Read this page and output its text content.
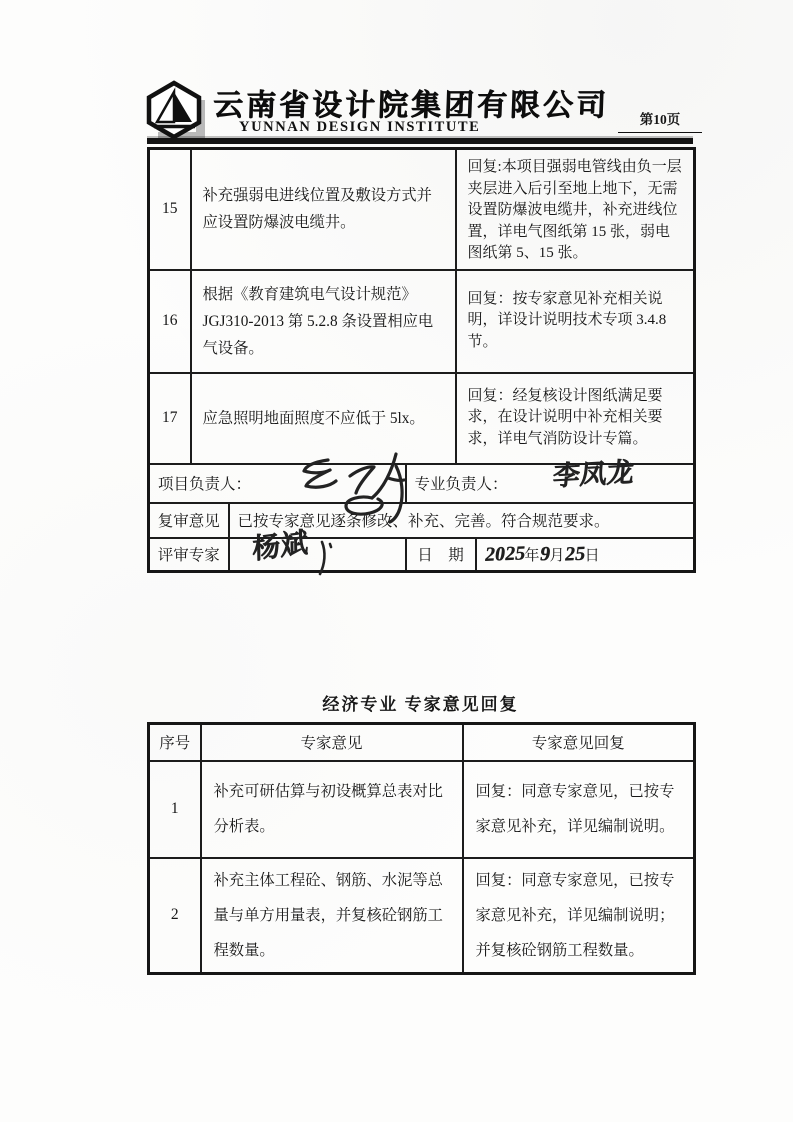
云南省设计院集团有限公司
YUNNAN DESIGN INSTITUTE	第10页
15	补充强弱电进线位置及敷设方式并应设置防爆波电缆井。			回复:本项目强弱电管线由负一层夹层进入后引至地上地下，无需设置防爆波电缆井，补充进线位置，详电气图纸第 15 张，弱电图纸第 5、15 张。	
16	根据《教育建筑电气设计规范》JGJ310-2013 第 5.2.8 条设置相应电气设备。			回复：按专家意见补充相关说明，详设计说明技术专项 3.4.8 节。	
17	应急照明地面照度不应低于 5lx。			回复：经复核设计图纸满足要求，在设计说明中补充相关要求，详电气消防设计专篇。	
项目负责人：			专业负责人：		
复审意见		已按专家意见逐条修改、补充、完善。符合规范要求。			
评审专家			日　期		2025年9月25日
李凤龙
杨斌
经济专业 专家意见回复
序号	专家意见	专家意见回复
1	补充可研估算与初设概算总表对比分析表。	回复：同意专家意见，已按专家意见补充，详见编制说明。
2	补充主体工程砼、钢筋、水泥等总量与单方用量表，并复核砼钢筋工程数量。	回复：同意专家意见，已按专家意见补充，详见编制说明；并复核砼钢筋工程数量。
